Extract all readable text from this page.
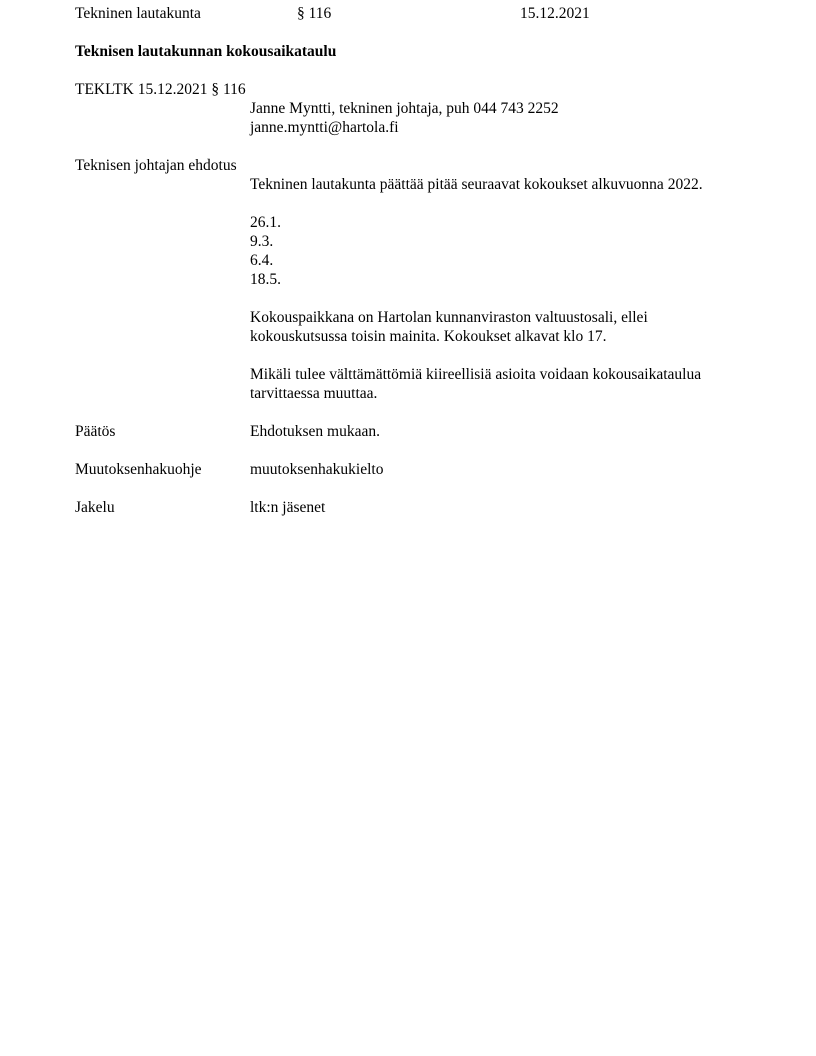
Tekninen lautakunta	§ 116	15.12.2021
Teknisen lautakunnan kokousaikataulu
TEKLTK 15.12.2021 § 116
Janne Myntti, tekninen johtaja, puh 044 743 2252
janne.myntti@hartola.fi
Teknisen johtajan ehdotus

Tekninen lautakunta päättää pitää seuraavat kokoukset alkuvuonna 2022.

26.1.
9.3.
6.4.
18.5.

Kokouspaikkana on Hartolan kunnanviraston valtuustosali, ellei kokouskutsussa toisin mainita. Kokoukset alkavat klo 17.

Mikäli tulee välttämättömiä kiireellisiä asioita voidaan kokousaikataulua tarvittaessa muuttaa.

Päätös	Ehdotuksen mukaan.
Muutoksenhakuohje	muutoksenhakukielto
Jakelu	ltk:n jäsenet
